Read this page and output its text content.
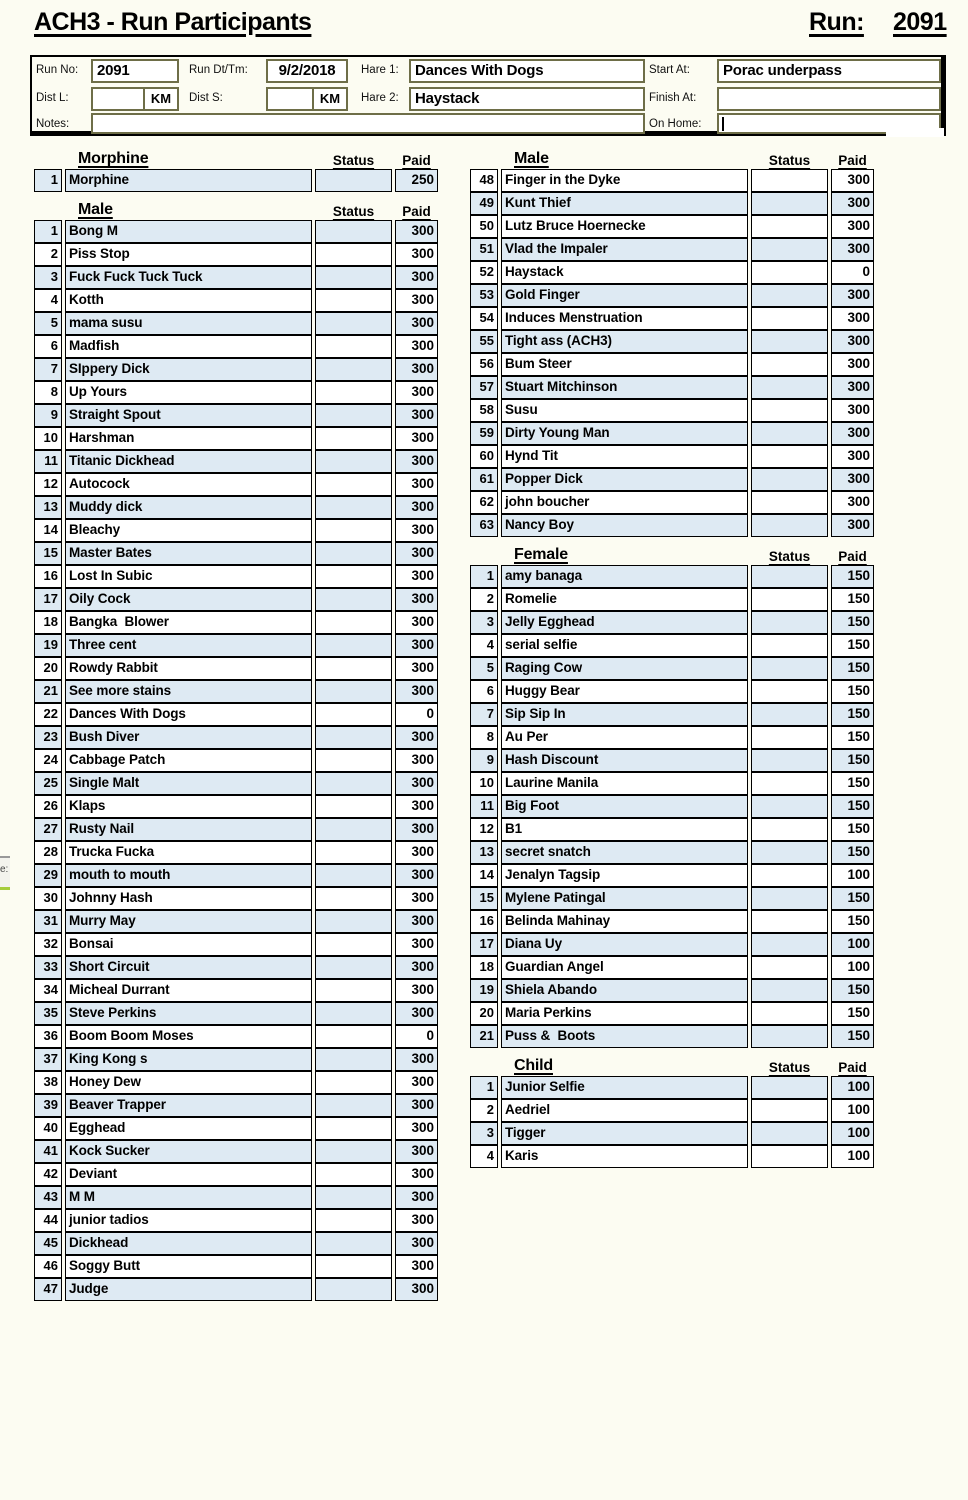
ACH3 - Run Participants	Run: 2091
Run No:	2091	Run Dt/Tm:	9/2/2018	Hare 1:	Dances With Dogs	Start At:	Porac underpass
Dist L:	KM	Dist S:	KM	Hare 2:	Haystack	Finish At:
Notes:	On Home:
Morphine	Status Paid
1 Morphine	250
Male	Status Paid
1 Bong M	300
2 Piss Stop	300
3 Fuck Fuck Tuck Tuck	300
4 Kotth	300
5 mama susu	300
6 Madfish	300
7 SIppery Dick	300
8 Up Yours	300
9 Straight Spout	300
10 Harshman	300
11 Titanic Dickhead	300
12 Autocock	300
13 Muddy dick	300
14 Bleachy	300
15 Master Bates	300
16 Lost In Subic	300
17 Oily Cock	300
18 Bangka  Blower	300
19 Three cent	300
20 Rowdy Rabbit	300
21 See more stains	300
22 Dances With Dogs	0
23 Bush Diver	300
24 Cabbage Patch	300
25 Single Malt	300
26 Klaps	300
27 Rusty Nail	300
28 Trucka Fucka	300
29 mouth to mouth	300
30 Johnny Hash	300
31 Murry May	300
32 Bonsai	300
33 Short Circuit	300
34 Micheal Durrant	300
35 Steve Perkins	300
36 Boom Boom Moses	0
37 King Kong s	300
38 Honey Dew	300
39 Beaver Trapper	300
40 Egghead	300
41 Kock Sucker	300
42 Deviant	300
43 M M	300
44 junior tadios	300
45 Dickhead	300
46 Soggy Butt	300
47 Judge	300
Male	Status Paid
48 Finger in the Dyke	300
49 Kunt Thief	300
50 Lutz Bruce Hoernecke	300
51 Vlad the Impaler	300
52 Haystack	0
53 Gold Finger	300
54 Induces Menstruation	300
55 Tight ass (ACH3)	300
56 Bum Steer	300
57 Stuart Mitchinson	300
58 Susu	300
59 Dirty Young Man	300
60 Hynd Tit	300
61 Popper Dick	300
62 john boucher	300
63 Nancy Boy	300
Female	Status Paid
1 amy banaga	150
2 Romelie	150
3 Jelly Egghead	150
4 serial selfie	150
5 Raging Cow	150
6 Huggy Bear	150
7 Sip Sip In	150
8 Au Per	150
9 Hash Discount	150
10 Laurine Manila	150
11 Big Foot	150
12 B1	150
13 secret snatch	150
14 Jenalyn Tagsip	100
15 Mylene Patingal	150
16 Belinda Mahinay	150
17 Diana Uy	100
18 Guardian Angel	100
19 Shiela Abando	150
20 Maria Perkins	150
21 Puss &  Boots	150
Child	Status Paid
1 Junior Selfie	100
2 Aedriel	100
3 Tigger	100
4 Karis	100
e:
